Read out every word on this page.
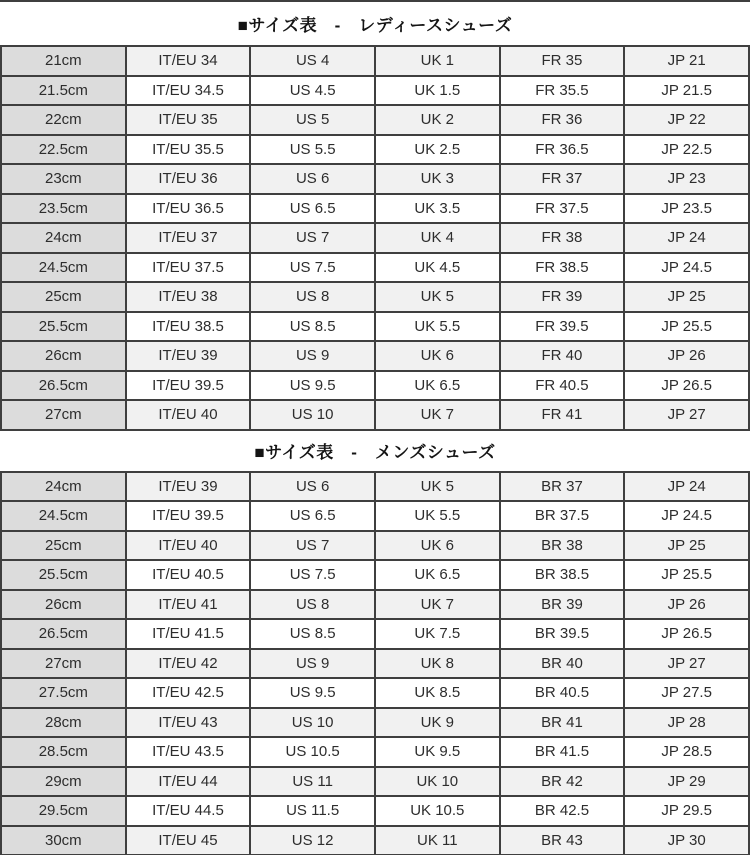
■サイズ表　-　レディースシューズ
21cm	IT/EU 34	US 4	UK 1	FR 35	JP 21
21.5cm	IT/EU 34.5	US 4.5	UK 1.5	FR 35.5	JP 21.5
22cm	IT/EU 35	US 5	UK 2	FR 36	JP 22
22.5cm	IT/EU 35.5	US 5.5	UK 2.5	FR 36.5	JP 22.5
23cm	IT/EU 36	US 6	UK 3	FR 37	JP 23
23.5cm	IT/EU 36.5	US 6.5	UK 3.5	FR 37.5	JP 23.5
24cm	IT/EU 37	US 7	UK 4	FR 38	JP 24
24.5cm	IT/EU 37.5	US 7.5	UK 4.5	FR 38.5	JP 24.5
25cm	IT/EU 38	US 8	UK 5	FR 39	JP 25
25.5cm	IT/EU 38.5	US 8.5	UK 5.5	FR 39.5	JP 25.5
26cm	IT/EU 39	US 9	UK 6	FR 40	JP 26
26.5cm	IT/EU 39.5	US 9.5	UK 6.5	FR 40.5	JP 26.5
27cm	IT/EU 40	US 10	UK 7	FR 41	JP 27
■サイズ表　-　メンズシューズ
24cm	IT/EU 39	US 6	UK 5	BR 37	JP 24
24.5cm	IT/EU 39.5	US 6.5	UK 5.5	BR 37.5	JP 24.5
25cm	IT/EU 40	US 7	UK 6	BR 38	JP 25
25.5cm	IT/EU 40.5	US 7.5	UK 6.5	BR 38.5	JP 25.5
26cm	IT/EU 41	US 8	UK 7	BR 39	JP 26
26.5cm	IT/EU 41.5	US 8.5	UK 7.5	BR 39.5	JP 26.5
27cm	IT/EU 42	US 9	UK 8	BR 40	JP 27
27.5cm	IT/EU 42.5	US 9.5	UK 8.5	BR 40.5	JP 27.5
28cm	IT/EU 43	US 10	UK 9	BR 41	JP 28
28.5cm	IT/EU 43.5	US 10.5	UK 9.5	BR 41.5	JP 28.5
29cm	IT/EU 44	US 11	UK 10	BR 42	JP 29
29.5cm	IT/EU 44.5	US 11.5	UK 10.5	BR 42.5	JP 29.5
30cm	IT/EU 45	US 12	UK 11	BR 43	JP 30
